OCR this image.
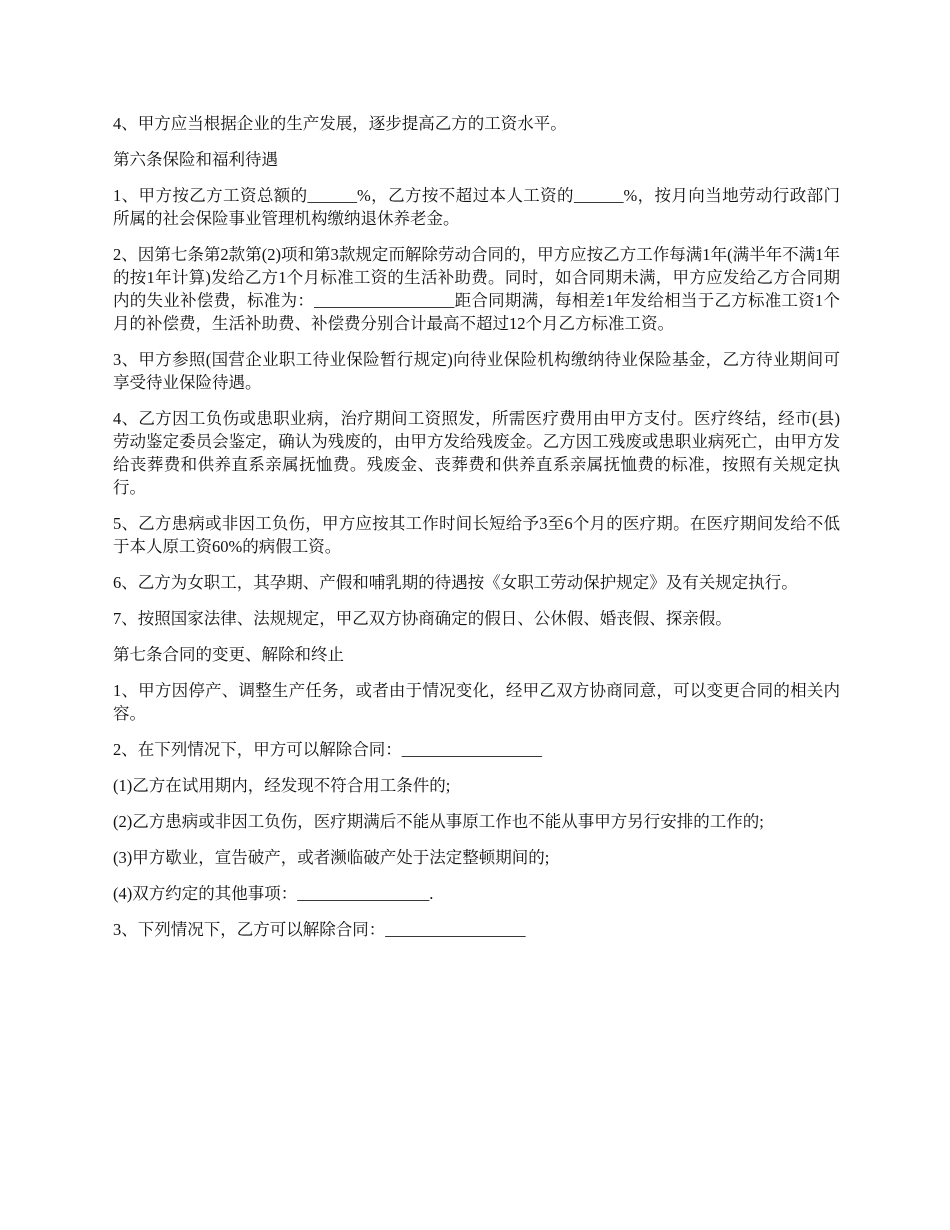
4、甲方应当根据企业的生产发展，逐步提高乙方的工资水平。

第六条保险和福利待遇

1、甲方按乙方工资总额的______%，乙方按不超过本人工资的______%，按月向当地劳动行政部门所属的社会保险事业管理机构缴纳退休养老金。

2、因第七条第2款第(2)项和第3款规定而解除劳动合同的，甲方应按乙方工作每满1年(满半年不满1年的按1年计算)发给乙方1个月标准工资的生活补助费。同时，如合同期未满，甲方应发给乙方合同期内的失业补偿费，标准为：_________________距合同期满，每相差1年发给相当于乙方标准工资1个月的补偿费，生活补助费、补偿费分别合计最高不超过12个月乙方标准工资。

3、甲方参照(国营企业职工待业保险暂行规定)向待业保险机构缴纳待业保险基金，乙方待业期间可享受待业保险待遇。

4、乙方因工负伤或患职业病，治疗期间工资照发，所需医疗费用由甲方支付。医疗终结，经市(县)劳动鉴定委员会鉴定，确认为残废的，由甲方发给残废金。乙方因工残废或患职业病死亡，由甲方发给丧葬费和供养直系亲属抚恤费。残废金、丧葬费和供养直系亲属抚恤费的标准，按照有关规定执行。

5、乙方患病或非因工负伤，甲方应按其工作时间长短给予3至6个月的医疗期。在医疗期间发给不低于本人原工资60%的病假工资。

6、乙方为女职工，其孕期、产假和哺乳期的待遇按《女职工劳动保护规定》及有关规定执行。

7、按照国家法律、法规规定，甲乙双方协商确定的假日、公休假、婚丧假、探亲假。

第七条合同的变更、解除和终止

1、甲方因停产、调整生产任务，或者由于情况变化，经甲乙双方协商同意，可以变更合同的相关内容。

2、在下列情况下，甲方可以解除合同：_________________

(1)乙方在试用期内，经发现不符合用工条件的;

(2)乙方患病或非因工负伤，医疗期满后不能从事原工作也不能从事甲方另行安排的工作的;

(3)甲方歇业，宣告破产，或者濒临破产处于法定整顿期间的;

(4)双方约定的其他事项：________________.

3、下列情况下，乙方可以解除合同：_________________
